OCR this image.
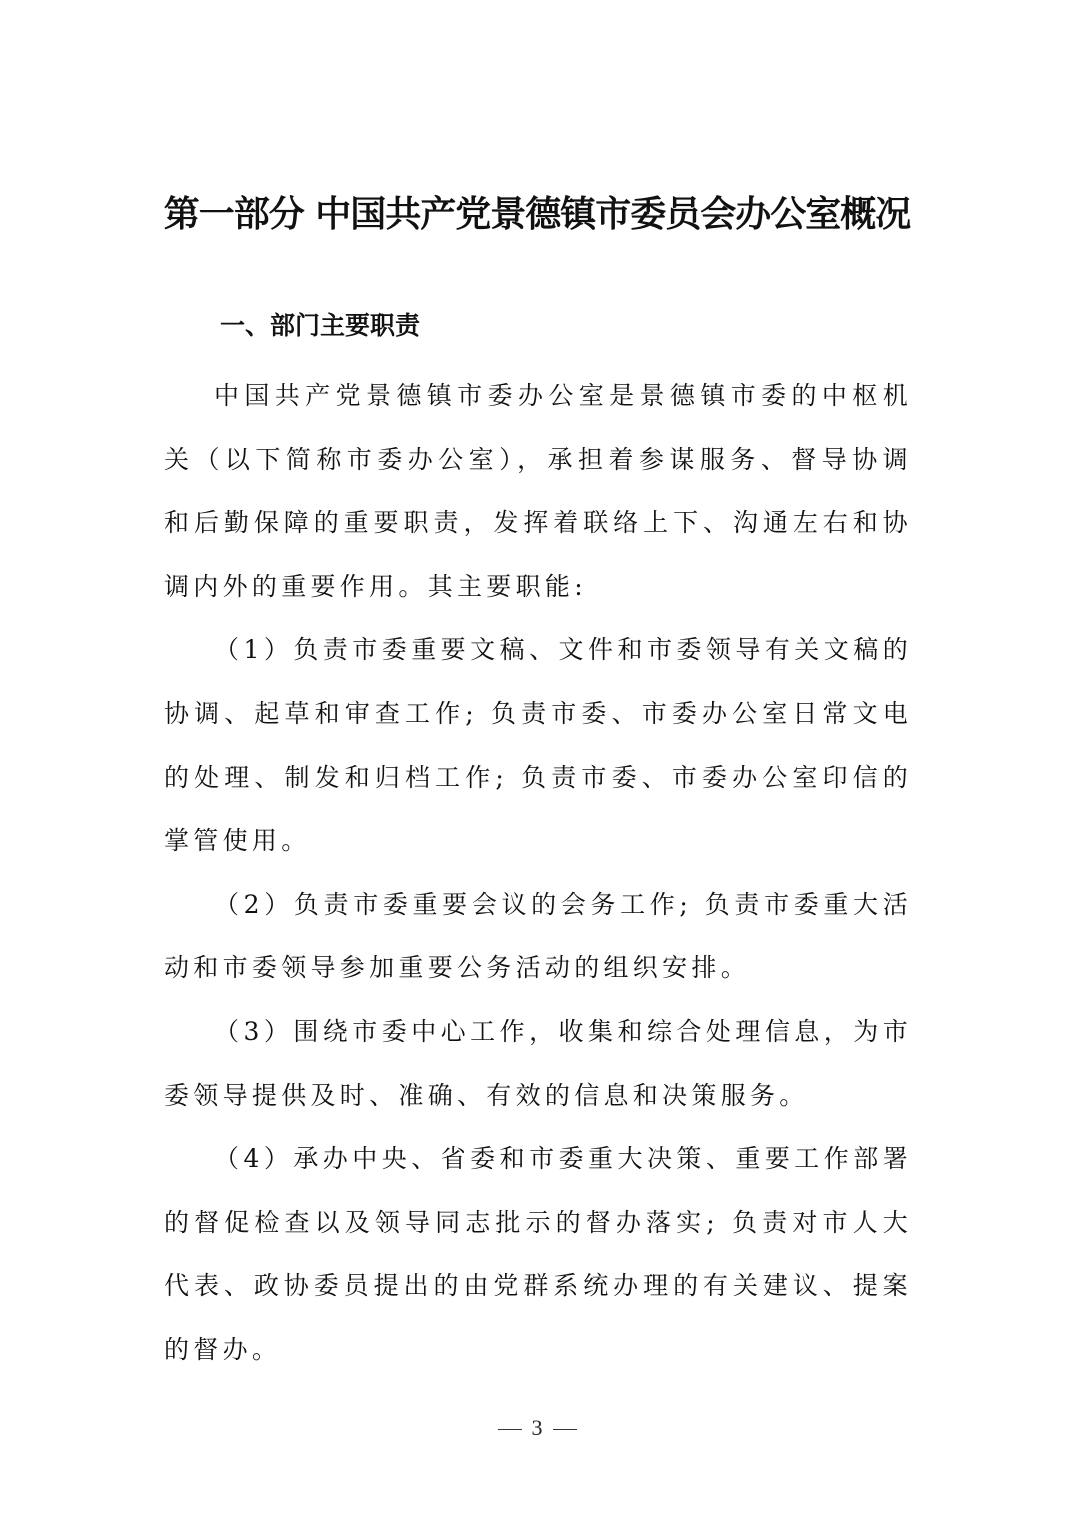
第一部分 中国共产党景德镇市委员会办公室概况
一、部门主要职责

中国共产党景德镇市委办公室是景德镇市委的中枢机关（以下简称市委办公室），承担着参谋服务、督导协调和后勤保障的重要职责，发挥着联络上下、沟通左右和协调内外的重要作用。其主要职能:

（1）负责市委重要文稿、文件和市委领导有关文稿的协调、起草和审查工作; 负责市委、市委办公室日常文电的处理、制发和归档工作; 负责市委、市委办公室印信的掌管使用。

（2）负责市委重要会议的会务工作; 负责市委重大活动和市委领导参加重要公务活动的组织安排。

（3）围绕市委中心工作，收集和综合处理信息，为市委领导提供及时、准确、有效的信息和决策服务。

（4）承办中央、省委和市委重大决策、重要工作部署的督促检查以及领导同志批示的督办落实; 负责对市人大代表、政协委员提出的由党群系统办理的有关建议、提案的督办。

3
